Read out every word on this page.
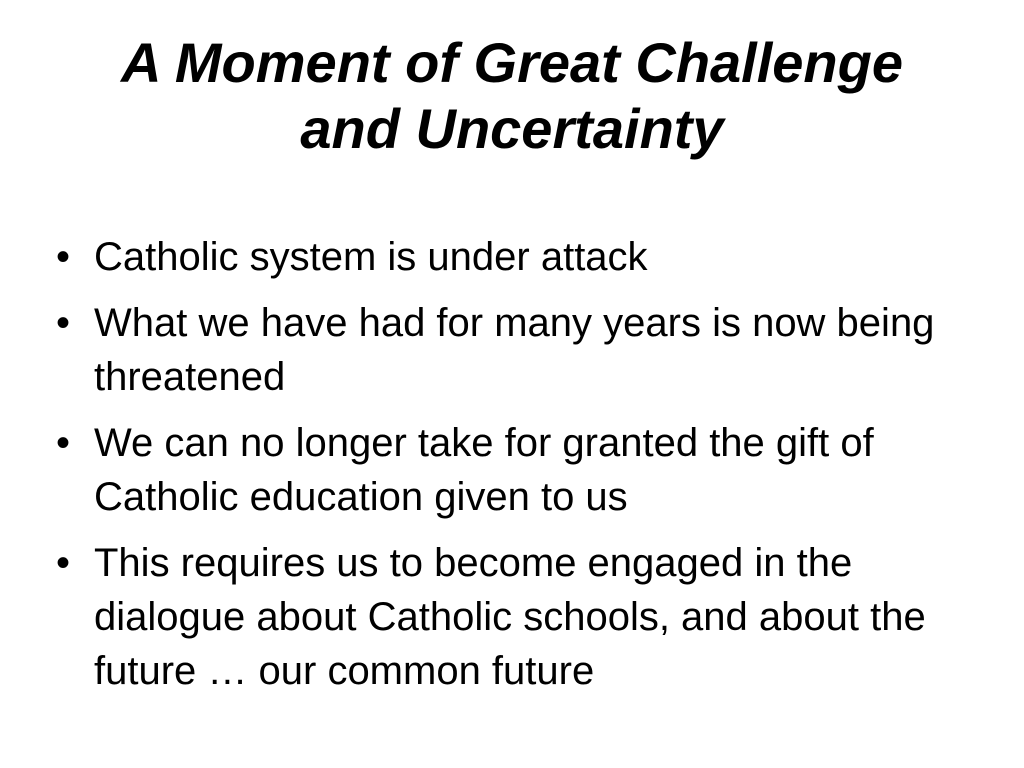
A Moment of Great Challenge
and Uncertainty
• Catholic system is under attack
• What we have had for many years is now being threatened
• We can no longer take for granted the gift of Catholic education given to us
• This requires us to become engaged in the dialogue about Catholic schools, and about the future … our common future
